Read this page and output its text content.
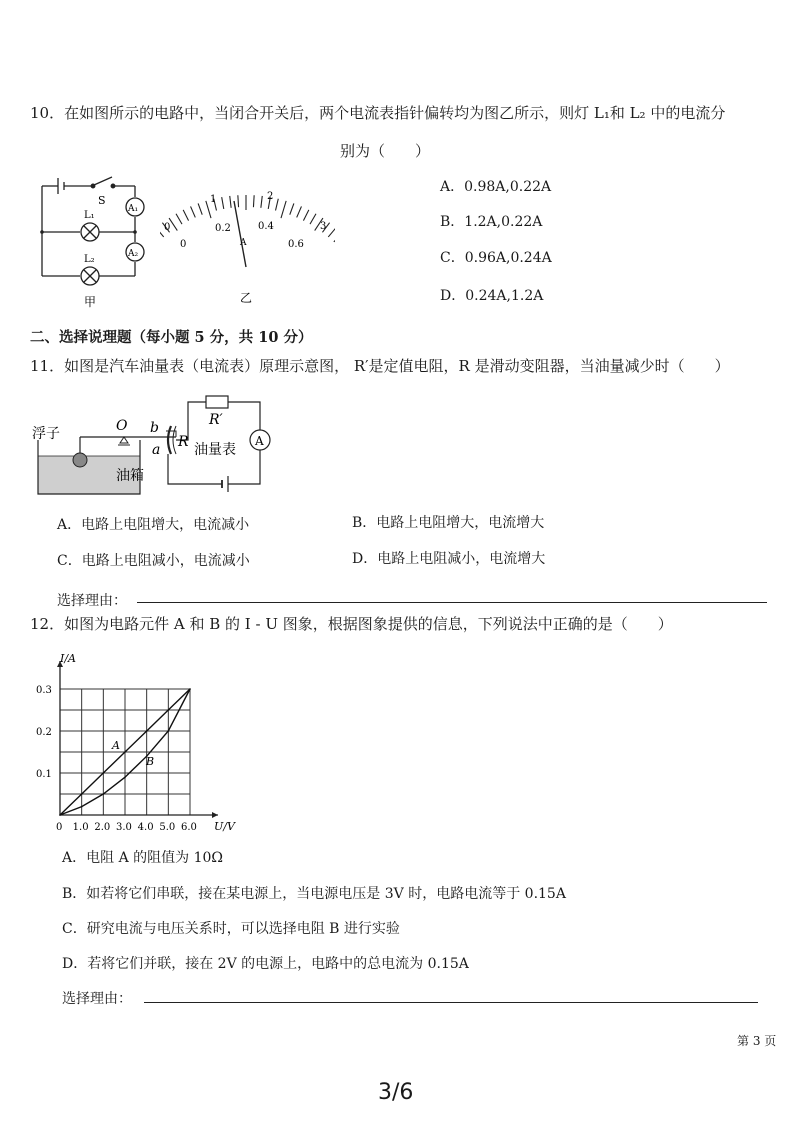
10．在如图所示的电路中，当闭合开关后，两个电流表指针偏转均为图乙所示，则灯 L₁和 L₂ 中的电流分
别为（　　）
S
A₁
A₂
L₁
L₂
甲
0
1	2
3
0
0.2	0.4
0.6
A
乙
A．0.98A,0.22A
B．1.2A,0.22A
C．0.96A,0.24A
D．0.24A,1.2A
二、选择说理题（每小题 5 分，共 10 分）
11．如图是汽车油量表（电流表）原理示意图， R′是定值电阻，R 是滑动变阻器，当油量减少时（　　）
浮子	O b
a R
R′
油量表
A
油箱
A．电路上电阻增大，电流减小	B．电路上电阻增大，电流增大
C．电路上电阻减小，电流减小	D．电路上电阻减小，电流增大
选择理由：
12．如图为电路元件 A 和 B 的 I - U 图象，根据图象提供的信息，下列说法中正确的是（　　）
0 1.0 2.0 3.0 4.0 5.0 6.0
0.1
0.2
0.3
I/A
U/V
A
B
A．电阻 A 的阻值为 10Ω
B．如若将它们串联，接在某电源上，当电源电压是 3V 时，电路电流等于 0.15A
C．研究电流与电压关系时，可以选择电阻 B 进行实验
D．若将它们并联，接在 2V 的电源上，电路中的总电流为 0.15A
选择理由：
第 3 页
3/6
